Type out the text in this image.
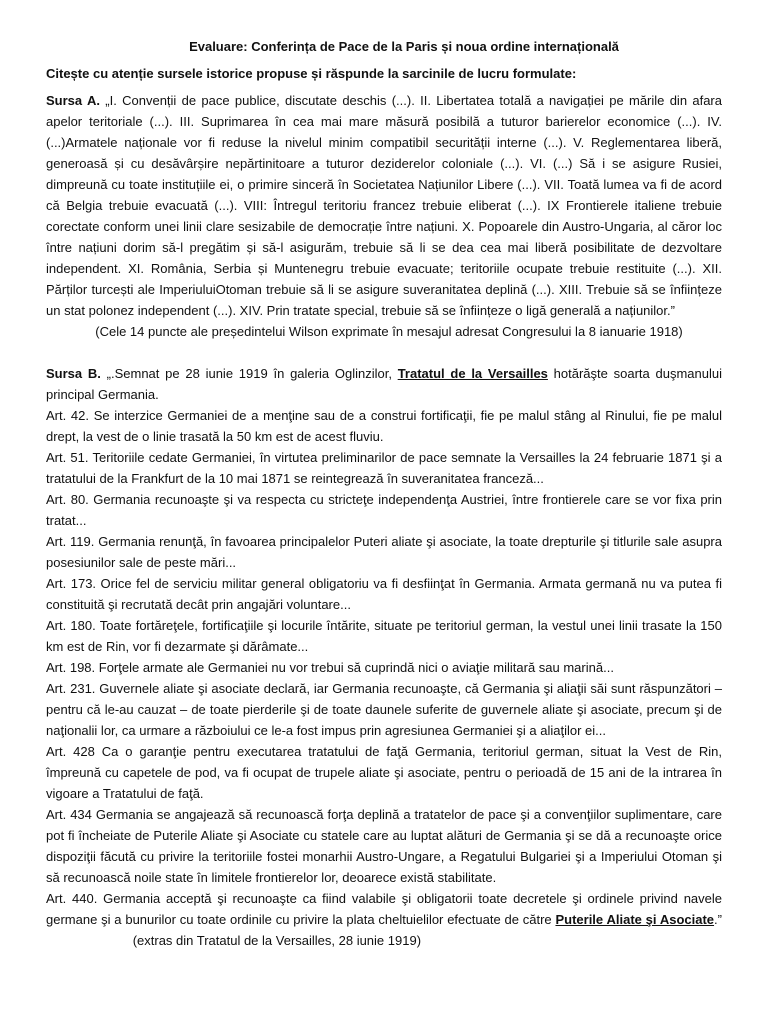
Evaluare: Conferința de Pace de la Paris și noua ordine internațională

Citește cu atenție sursele istorice propuse și răspunde la sarcinile de lucru formulate:

Sursa A. „I. Convenții de pace publice, discutate deschis (...). II. Libertatea totală a navigației pe mările din afara apelor teritoriale (...). III. Suprimarea în cea mai mare măsură posibilă a tuturor barierelor economice (...). IV. (...)Armatele naționale vor fi reduse la nivelul minim compatibil securității interne (...). V. Reglementarea liberă, generoasă și cu desăvârșire nepărtinitoare a tuturor deziderelor coloniale (...). VI. (...) Să i se asigure Rusiei, dimpreună cu toate instituțiile ei, o primire sinceră în Societatea Națiunilor Libere (...). VII. Toată lumea va fi de acord că Belgia trebuie evacuată (...). VIII: Întregul teritoriu francez trebuie eliberat (...). IX Frontierele italiene trebuie corectate conform unei linii clare sesizabile de democrație între națiuni. X. Popoarele din Austro-Ungaria, al căror loc între națiuni dorim să-l pregătim și să-l asigurăm, trebuie să li se dea cea mai liberă posibilitate de dezvoltare independent. XI. România, Serbia și Muntenegru trebuie evacuate; teritoriile ocupate trebuie restituite (...). XII. Părților turcești ale ImperiuluiOtoman trebuie să li se asigure suveranitatea deplină (...). XIII. Trebuie să se înființeze un stat polonez independent (...). XIV. Prin tratate special, trebuie să se înființeze o ligă generală a națiunilor.”

(Cele 14 puncte ale președintelui Wilson exprimate în mesajul adresat Congresului la 8 ianuarie 1918)

Sursa B. „.Semnat pe 28 iunie 1919 în galeria Oglinzilor, Tratatul de la Versailles hotărăşte soarta duşmanului principal Germania.

Art. 42. Se interzice Germaniei de a menţine sau de a construi fortificaţii, fie pe malul stâng al Rinului, fie pe malul drept, la vest de o linie trasată la 50 km est de acest fluviu.

Art. 51. Teritoriile cedate Germaniei, în virtutea preliminarilor de pace semnate la Versailles la 24 februarie 1871 şi a tratatului de la Frankfurt de la 10 mai 1871 se reintegrează în suveranitatea franceză...

Art. 80. Germania recunoaşte şi va respecta cu stricteţe independenţa Austriei, între frontierele care se vor fixa prin tratat...

Art. 119. Germania renunţă, în favoarea principalelor Puteri aliate şi asociate, la toate drepturile şi titlurile sale asupra posesiunilor sale de peste mări...

Art. 173. Orice fel de serviciu militar general obligatoriu va fi desfiinţat în Germania. Armata germană nu va putea fi constituită şi recrutată decât prin angajări voluntare...

Art. 180. Toate fortăreţele, fortificaţiile şi locurile întărite, situate pe teritoriul german, la vestul unei linii trasate la 150 km est de Rin, vor fi dezarmate şi dărâmate...

Art. 198. Forţele armate ale Germaniei nu vor trebui să cuprindă nici o aviaţie militară sau marină...

Art. 231. Guvernele aliate şi asociate declară, iar Germania recunoaşte, că Germania şi aliaţii săi sunt răspunzători – pentru că le-au cauzat – de toate pierderile şi de toate daunele suferite de guvernele aliate şi asociate, precum şi de naţionalii lor, ca urmare a războiului ce le-a fost impus prin agresiunea Germaniei şi a aliaţilor ei...

Art. 428 Ca o garanţie pentru executarea tratatului de faţă Germania, teritoriul german, situat la Vest de Rin, împreună cu capetele de pod, va fi ocupat de trupele aliate şi asociate, pentru o perioadă de 15 ani de la intrarea în vigoare a Tratatului de faţă.

Art. 434 Germania se angajează să recunoască forţa deplină a tratatelor de pace şi a convenţiilor suplimentare, care pot fi încheiate de Puterile Aliate şi Asociate cu statele care au luptat alături de Germania şi se dă a recunoaşte orice dispoziţii făcută cu privire la teritoriile fostei monarhii Austro-Ungare, a Regatului Bulgariei şi a Imperiului Otoman şi să recunoască noile state în limitele frontierelor lor, deoarece există stabilitate.

Art. 440. Germania acceptă şi recunoaşte ca fiind valabile şi obligatorii toate decretele şi ordinele privind navele germane şi a bunurilor cu toate ordinile cu privire la plata cheltuielilor efectuate de către Puterile Aliate şi Asociate.”                         (extras din Tratatul de la Versailles, 28 iunie 1919)
